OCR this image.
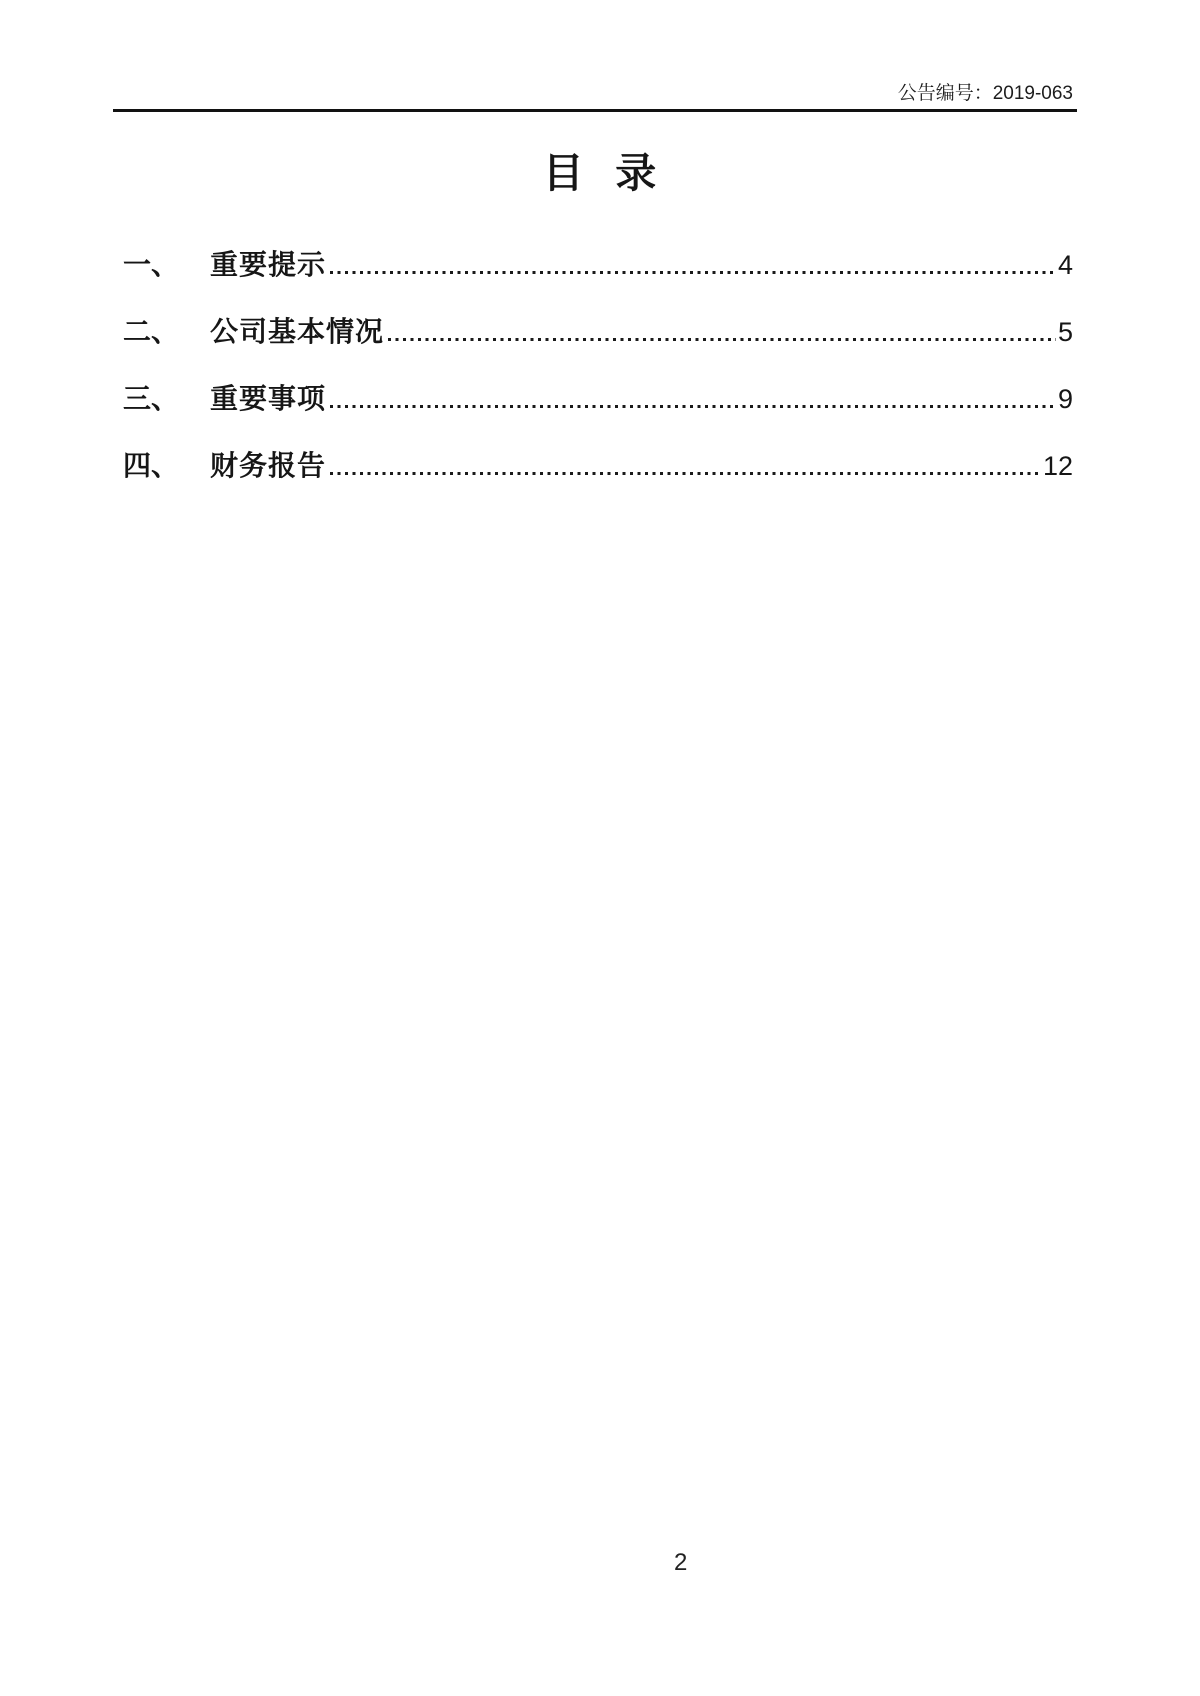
公告编号：2019-063
目 录
一、	重要提示	4
二、	公司基本情况	5
三、	重要事项	9
四、	财务报告	12
2
